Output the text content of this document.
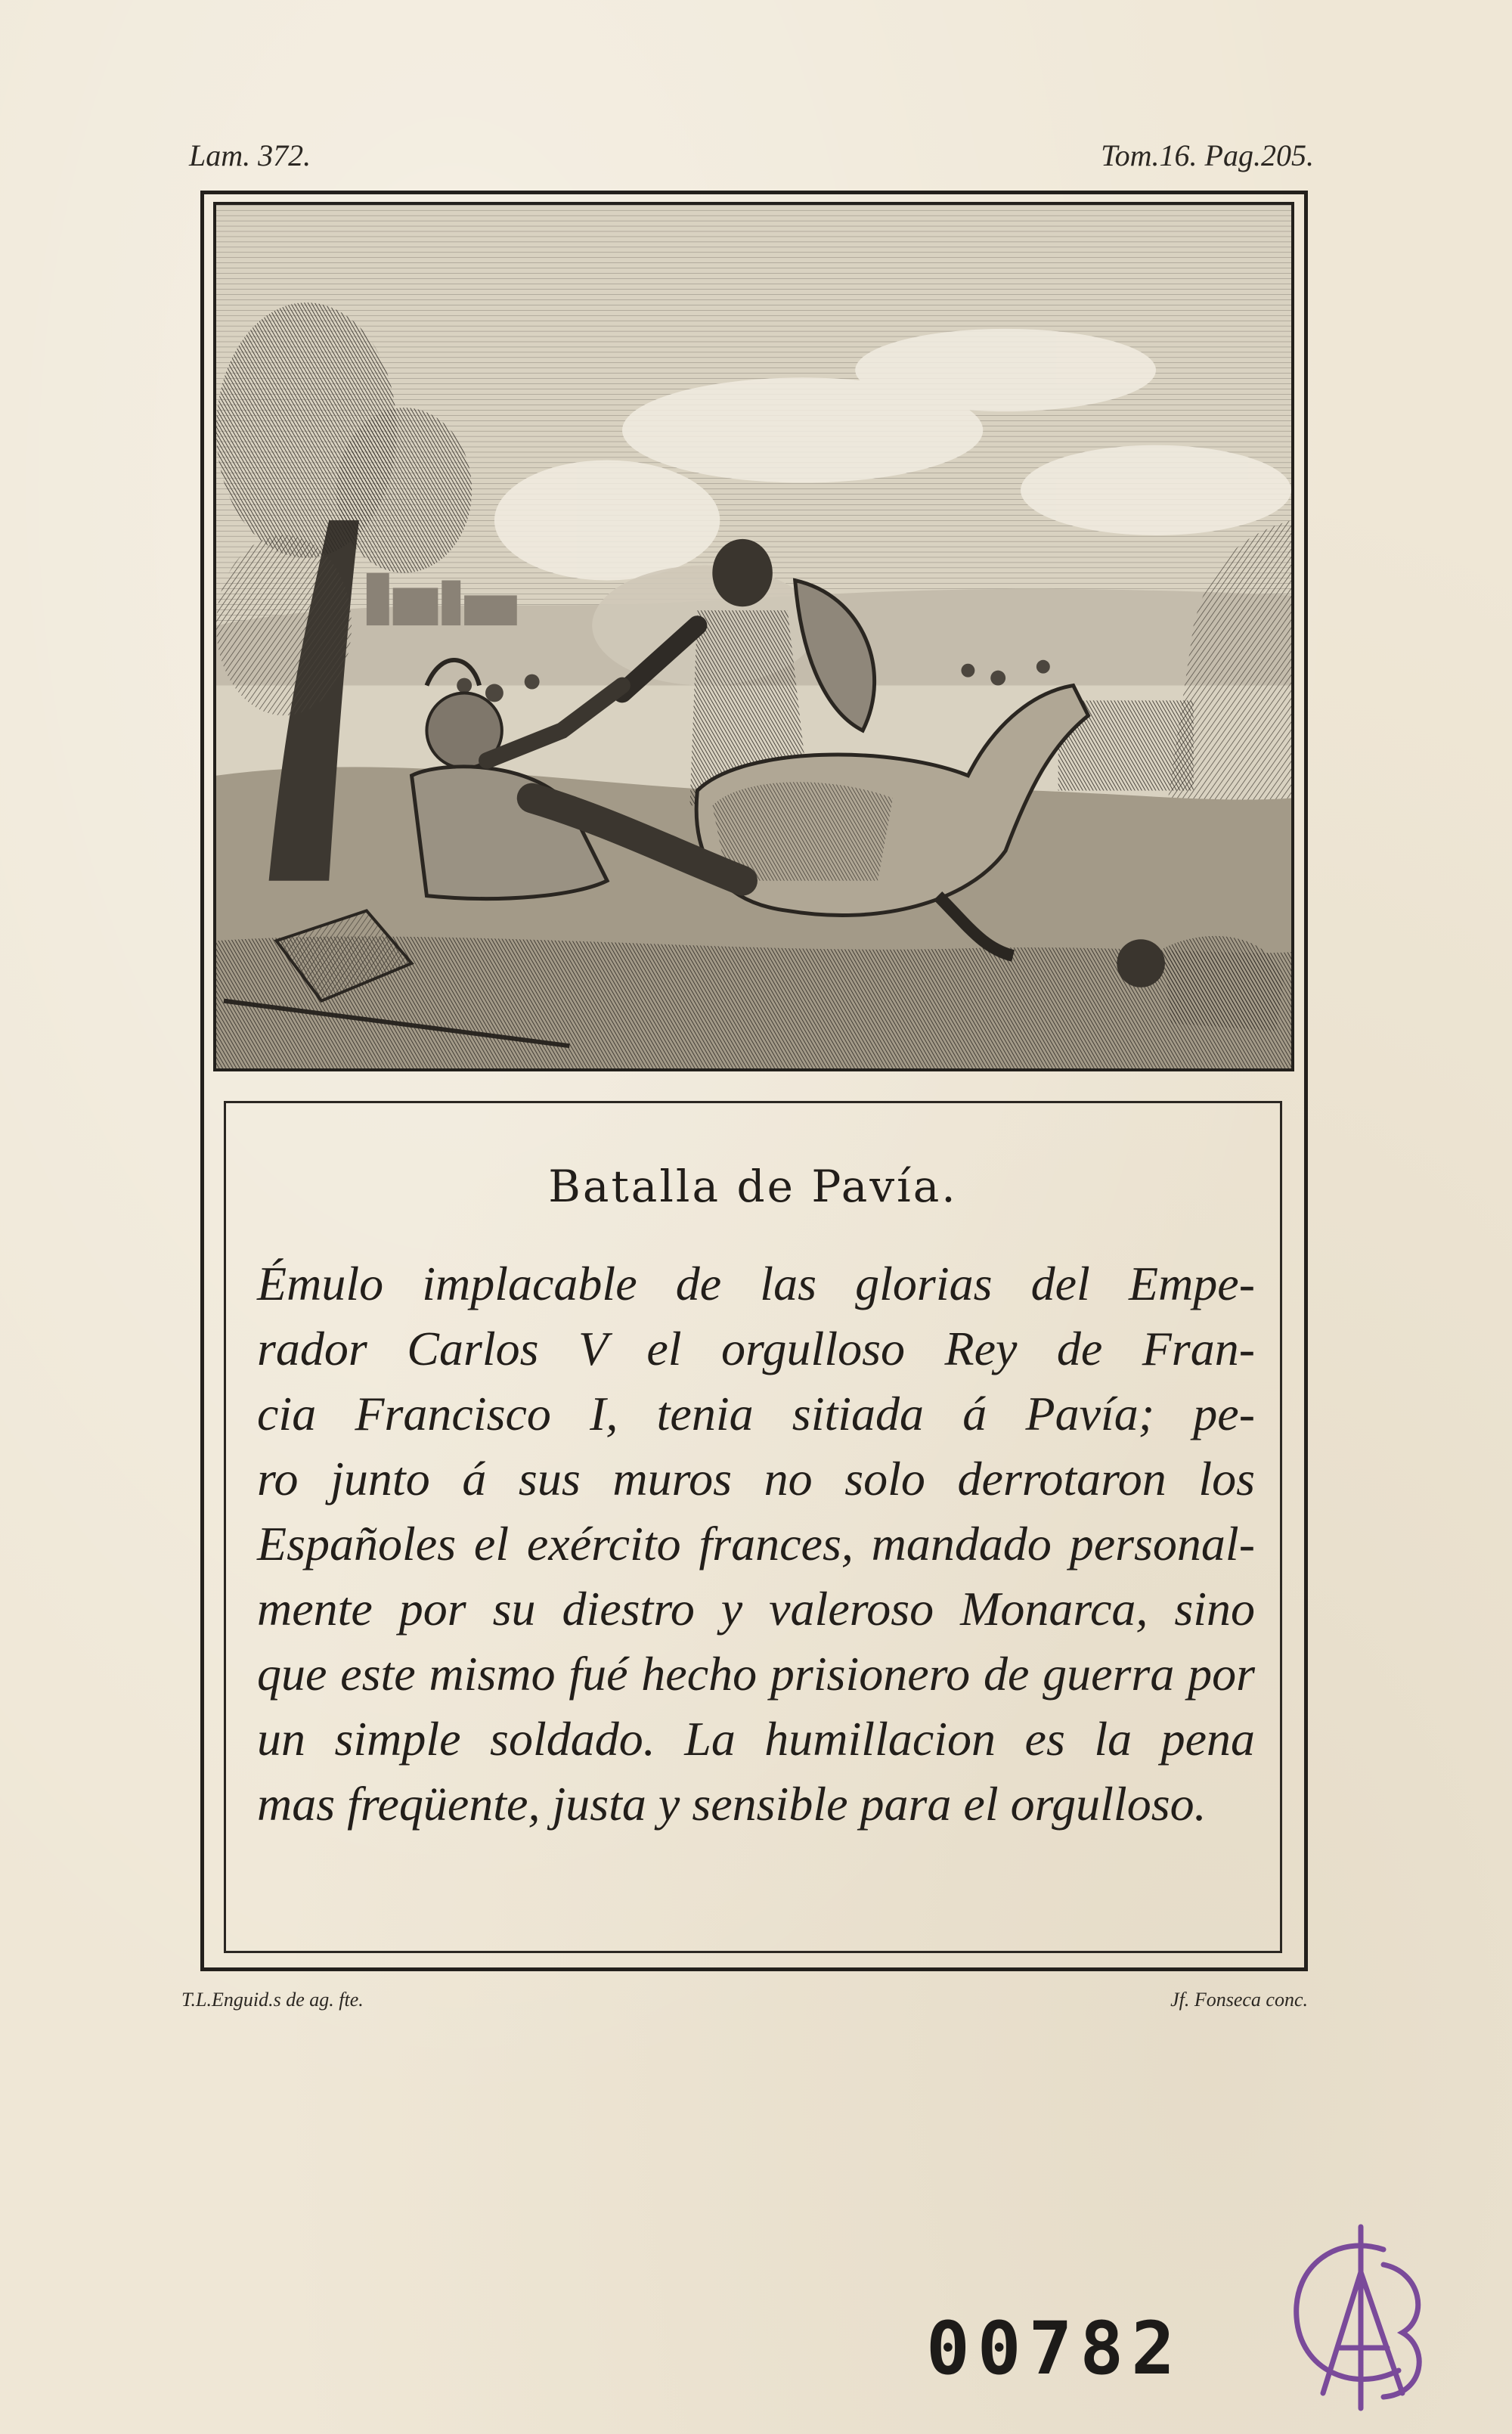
Lam. 372.	Tom.16. Pag.205.
Batalla de Pavía.
Émulo implacable de las glorias del Empe-
rador Carlos V el orgulloso Rey de Fran-
cia Francisco I, tenia sitiada á Pavía; pe-
ro junto á sus muros no solo derrotaron los
Españoles el exército frances, mandado personal-
mente por su diestro y valeroso Monarca, sino
que este mismo fué hecho prisionero de guerra por
un simple soldado. La humillacion es la pena
mas freqüente, justa y sensible para el orgulloso.
T.L.Enguid.s de ag. fte.	Jf. Fonseca conc.
00782
